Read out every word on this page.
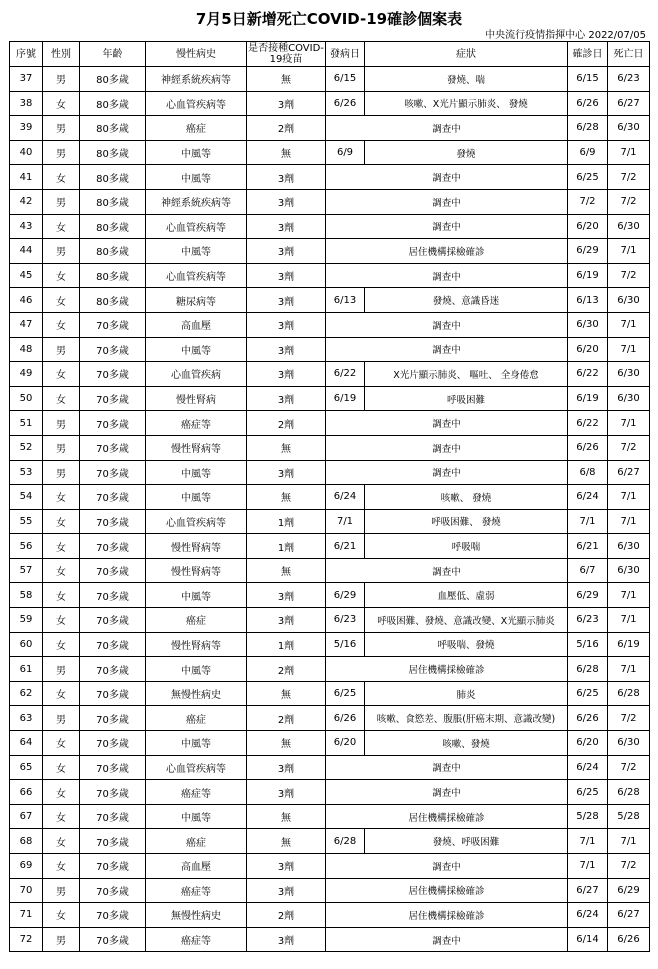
7月5日新增死亡COVID-19確診個案表
中央流行疫情指揮中心 2022/07/05
序號	性別	年齡	慢性病史	是否接種COVID-19疫苗	發病日	症狀	確診日	死亡日
37	男	80多歲	神經系統疾病等	無	6/15	發燒、喘	6/15	6/23
38	女	80多歲	心血管疾病等	3劑	6/26	咳嗽、X光片顯示肺炎、 發燒	6/26	6/27
39	男	80多歲	癌症	2劑	調查中		6/28	6/30
40	男	80多歲	中風等	無	6/9	發燒	6/9	7/1
41	女	80多歲	中風等	3劑	調查中		6/25	7/2
42	男	80多歲	神經系統疾病等	3劑	調查中		7/2	7/2
43	女	80多歲	心血管疾病等	3劑	調查中		6/20	6/30
44	男	80多歲	中風等	3劑	居住機構採檢確診		6/29	7/1
45	女	80多歲	心血管疾病等	3劑	調查中		6/19	7/2
46	女	80多歲	糖尿病等	3劑	6/13	發燒、意識昏迷	6/13	6/30
47	女	70多歲	高血壓	3劑	調查中		6/30	7/1
48	男	70多歲	中風等	3劑	調查中		6/20	7/1
49	女	70多歲	心血管疾病	3劑	6/22	X光片顯示肺炎、 嘔吐、 全身倦怠	6/22	6/30
50	女	70多歲	慢性腎病	3劑	6/19	呼吸困難	6/19	6/30
51	男	70多歲	癌症等	2劑	調查中		6/22	7/1
52	男	70多歲	慢性腎病等	無	調查中		6/26	7/2
53	男	70多歲	中風等	3劑	調查中		6/8	6/27
54	女	70多歲	中風等	無	6/24	咳嗽、 發燒	6/24	7/1
55	女	70多歲	心血管疾病等	1劑	7/1	呼吸困難、 發燒	7/1	7/1
56	女	70多歲	慢性腎病等	1劑	6/21	呼吸喘	6/21	6/30
57	女	70多歲	慢性腎病等	無	調查中		6/7	6/30
58	女	70多歲	中風等	3劑	6/29	血壓低、虛弱	6/29	7/1
59	女	70多歲	癌症	3劑	6/23	呼吸困難、發燒、意識改變、X光顯示肺炎	6/23	7/1
60	女	70多歲	慢性腎病等	1劑	5/16	呼吸喘、發燒	5/16	6/19
61	男	70多歲	中風等	2劑	居住機構採檢確診		6/28	7/1
62	女	70多歲	無慢性病史	無	6/25	肺炎	6/25	6/28
63	男	70多歲	癌症	2劑	6/26	咳嗽、食慾差、腹脹(肝癌末期、意識改變)	6/26	7/2
64	女	70多歲	中風等	無	6/20	咳嗽、發燒	6/20	6/30
65	女	70多歲	心血管疾病等	3劑	調查中		6/24	7/2
66	女	70多歲	癌症等	3劑	調查中		6/25	6/28
67	女	70多歲	中風等	無	居住機構採檢確診		5/28	5/28
68	女	70多歲	癌症	無	6/28	發燒、呼吸困難	7/1	7/1
69	女	70多歲	高血壓	3劑	調查中		7/1	7/2
70	男	70多歲	癌症等	3劑	居住機構採檢確診		6/27	6/29
71	女	70多歲	無慢性病史	2劑	居住機構採檢確診		6/24	6/27
72	男	70多歲	癌症等	3劑	調查中		6/14	6/26
